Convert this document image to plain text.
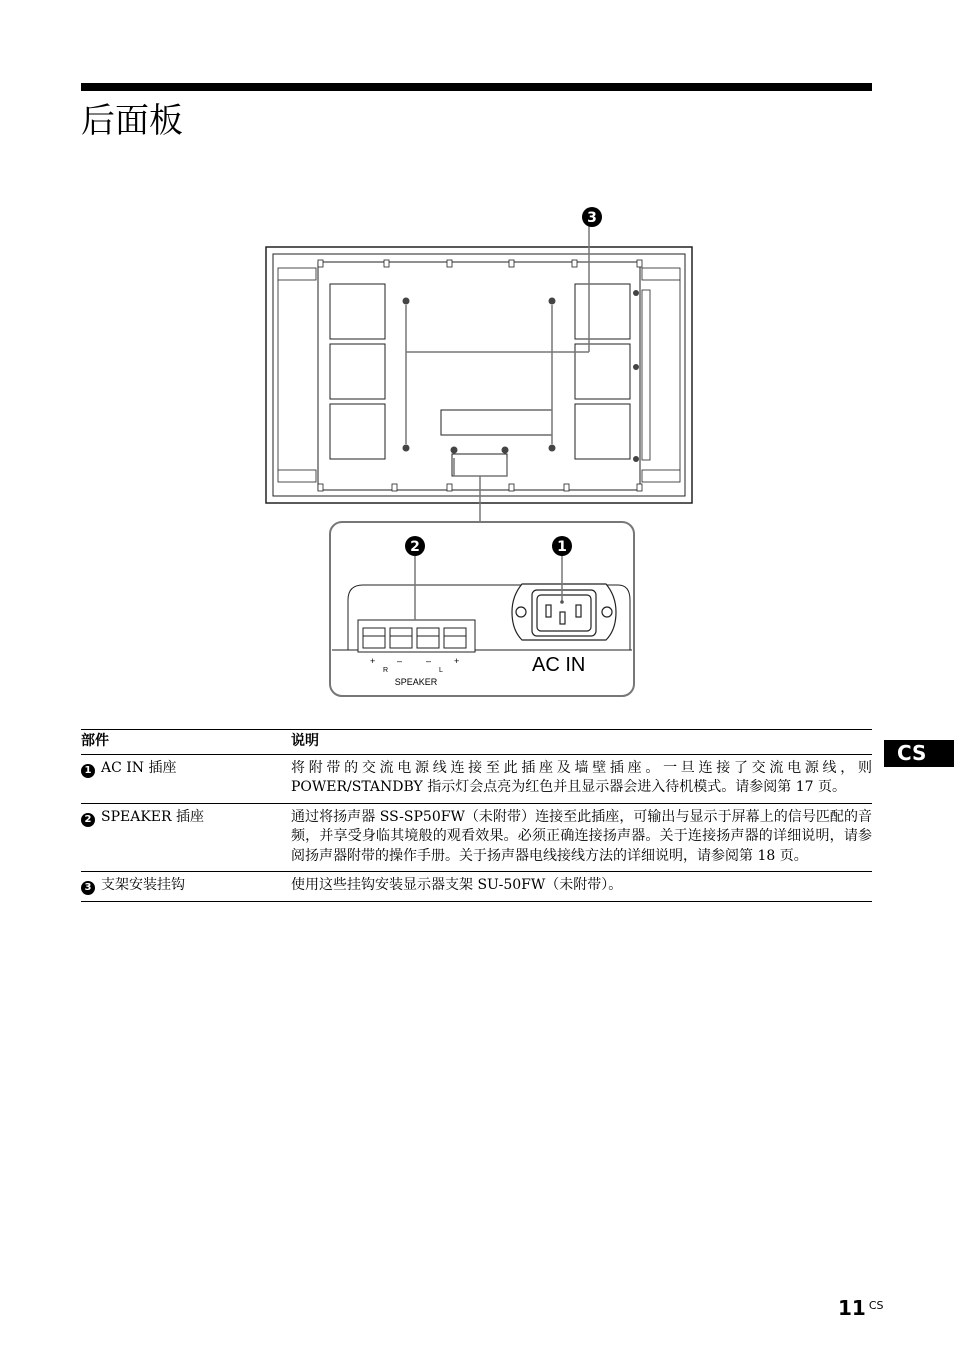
后面板
3
+ –
R
–	+
L
SPEAKER
AC IN
2	1
部件	说明
1 AC IN 插座	将附带的交流电源线连接至此插座及墙壁插座。一旦连接了交流电源线，则 POWER/STANDBY 指示灯会点亮为红色并且显示器会进入待机模式。请参阅第 17 页。
2 SPEAKER 插座	通过将扬声器 SS-SP50FW（未附带）连接至此插座，可输出与显示于屏幕上的信号匹配的音频，并享受身临其境般的观看效果。必须正确连接扬声器。关于连接扬声器的详细说明，请参阅扬声器附带的操作手册。关于扬声器电线接线方法的详细说明，请参阅第 18 页。
3 支架安装挂钩	使用这些挂钩安装显示器支架 SU-50FW（未附带）。
CS
11 $^{CS}$
